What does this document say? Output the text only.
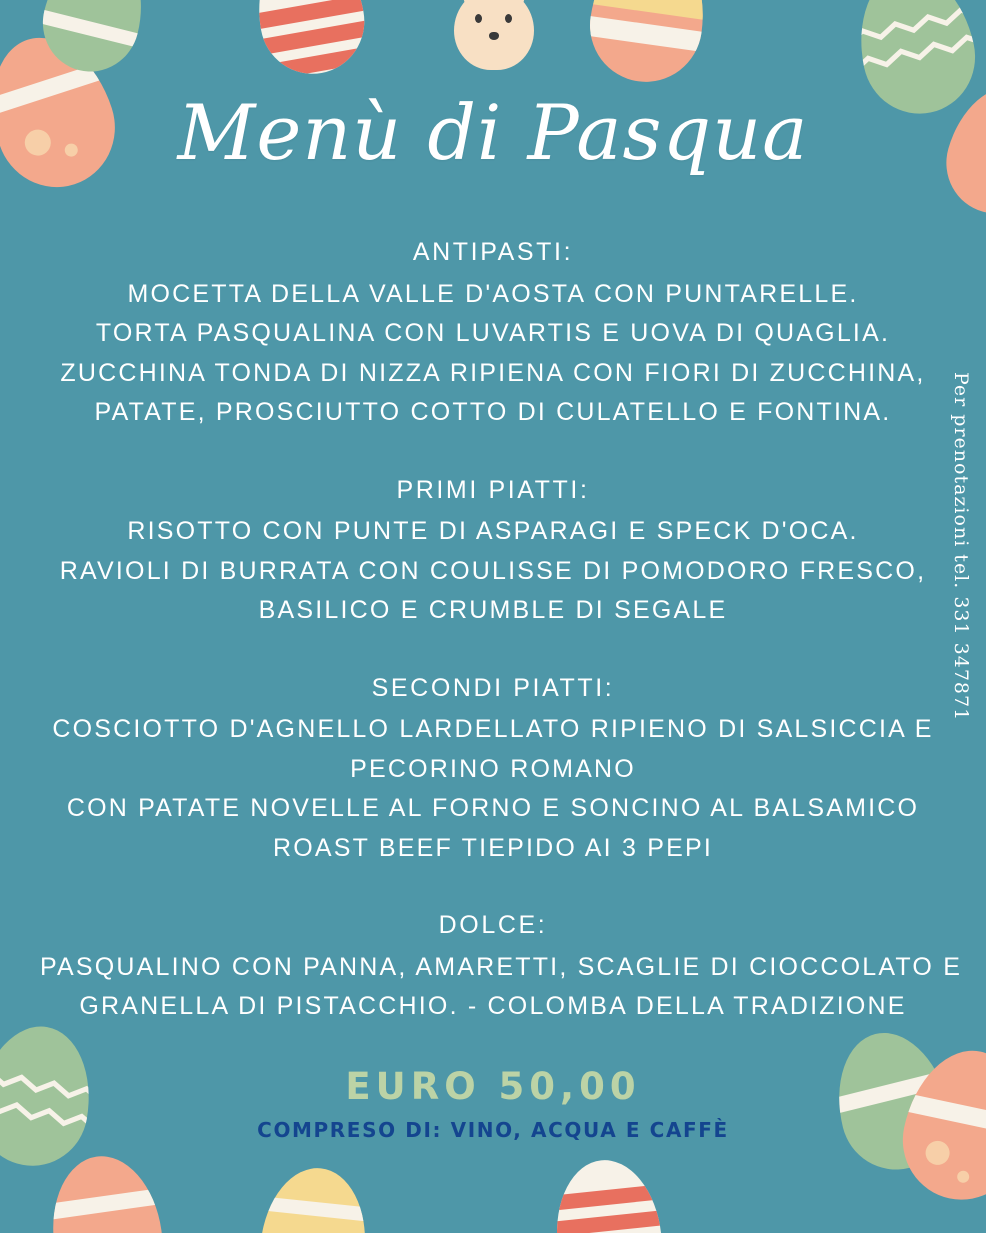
Per prenotazioni tel. 331 347871
Menù di Pasqua

ANTIPASTI:

MOCETTA DELLA VALLE D'AOSTA CON PUNTARELLE.

TORTA PASQUALINA CON LUVARTIS E UOVA DI QUAGLIA.

ZUCCHINA TONDA DI NIZZA RIPIENA CON FIORI DI ZUCCHINA,

PATATE, PROSCIUTTO COTTO DI CULATELLO E FONTINA.

PRIMI PIATTI:

RISOTTO CON PUNTE DI ASPARAGI E SPECK D'OCA.

RAVIOLI DI BURRATA CON COULISSE DI POMODORO FRESCO,

BASILICO E CRUMBLE DI SEGALE

SECONDI PIATTI:

COSCIOTTO D'AGNELLO LARDELLATO RIPIENO DI SALSICCIA E

PECORINO ROMANO

CON PATATE NOVELLE AL FORNO E SONCINO AL BALSAMICO

ROAST BEEF TIEPIDO AI 3 PEPI

DOLCE:

PASQUALINO CON PANNA, AMARETTI, SCAGLIE DI CIOCCOLATO E

GRANELLA DI PISTACCHIO. - COLOMBA DELLA TRADIZIONE

EURO 50,00
COMPRESO DI: VINO, ACQUA E CAFFÈ
